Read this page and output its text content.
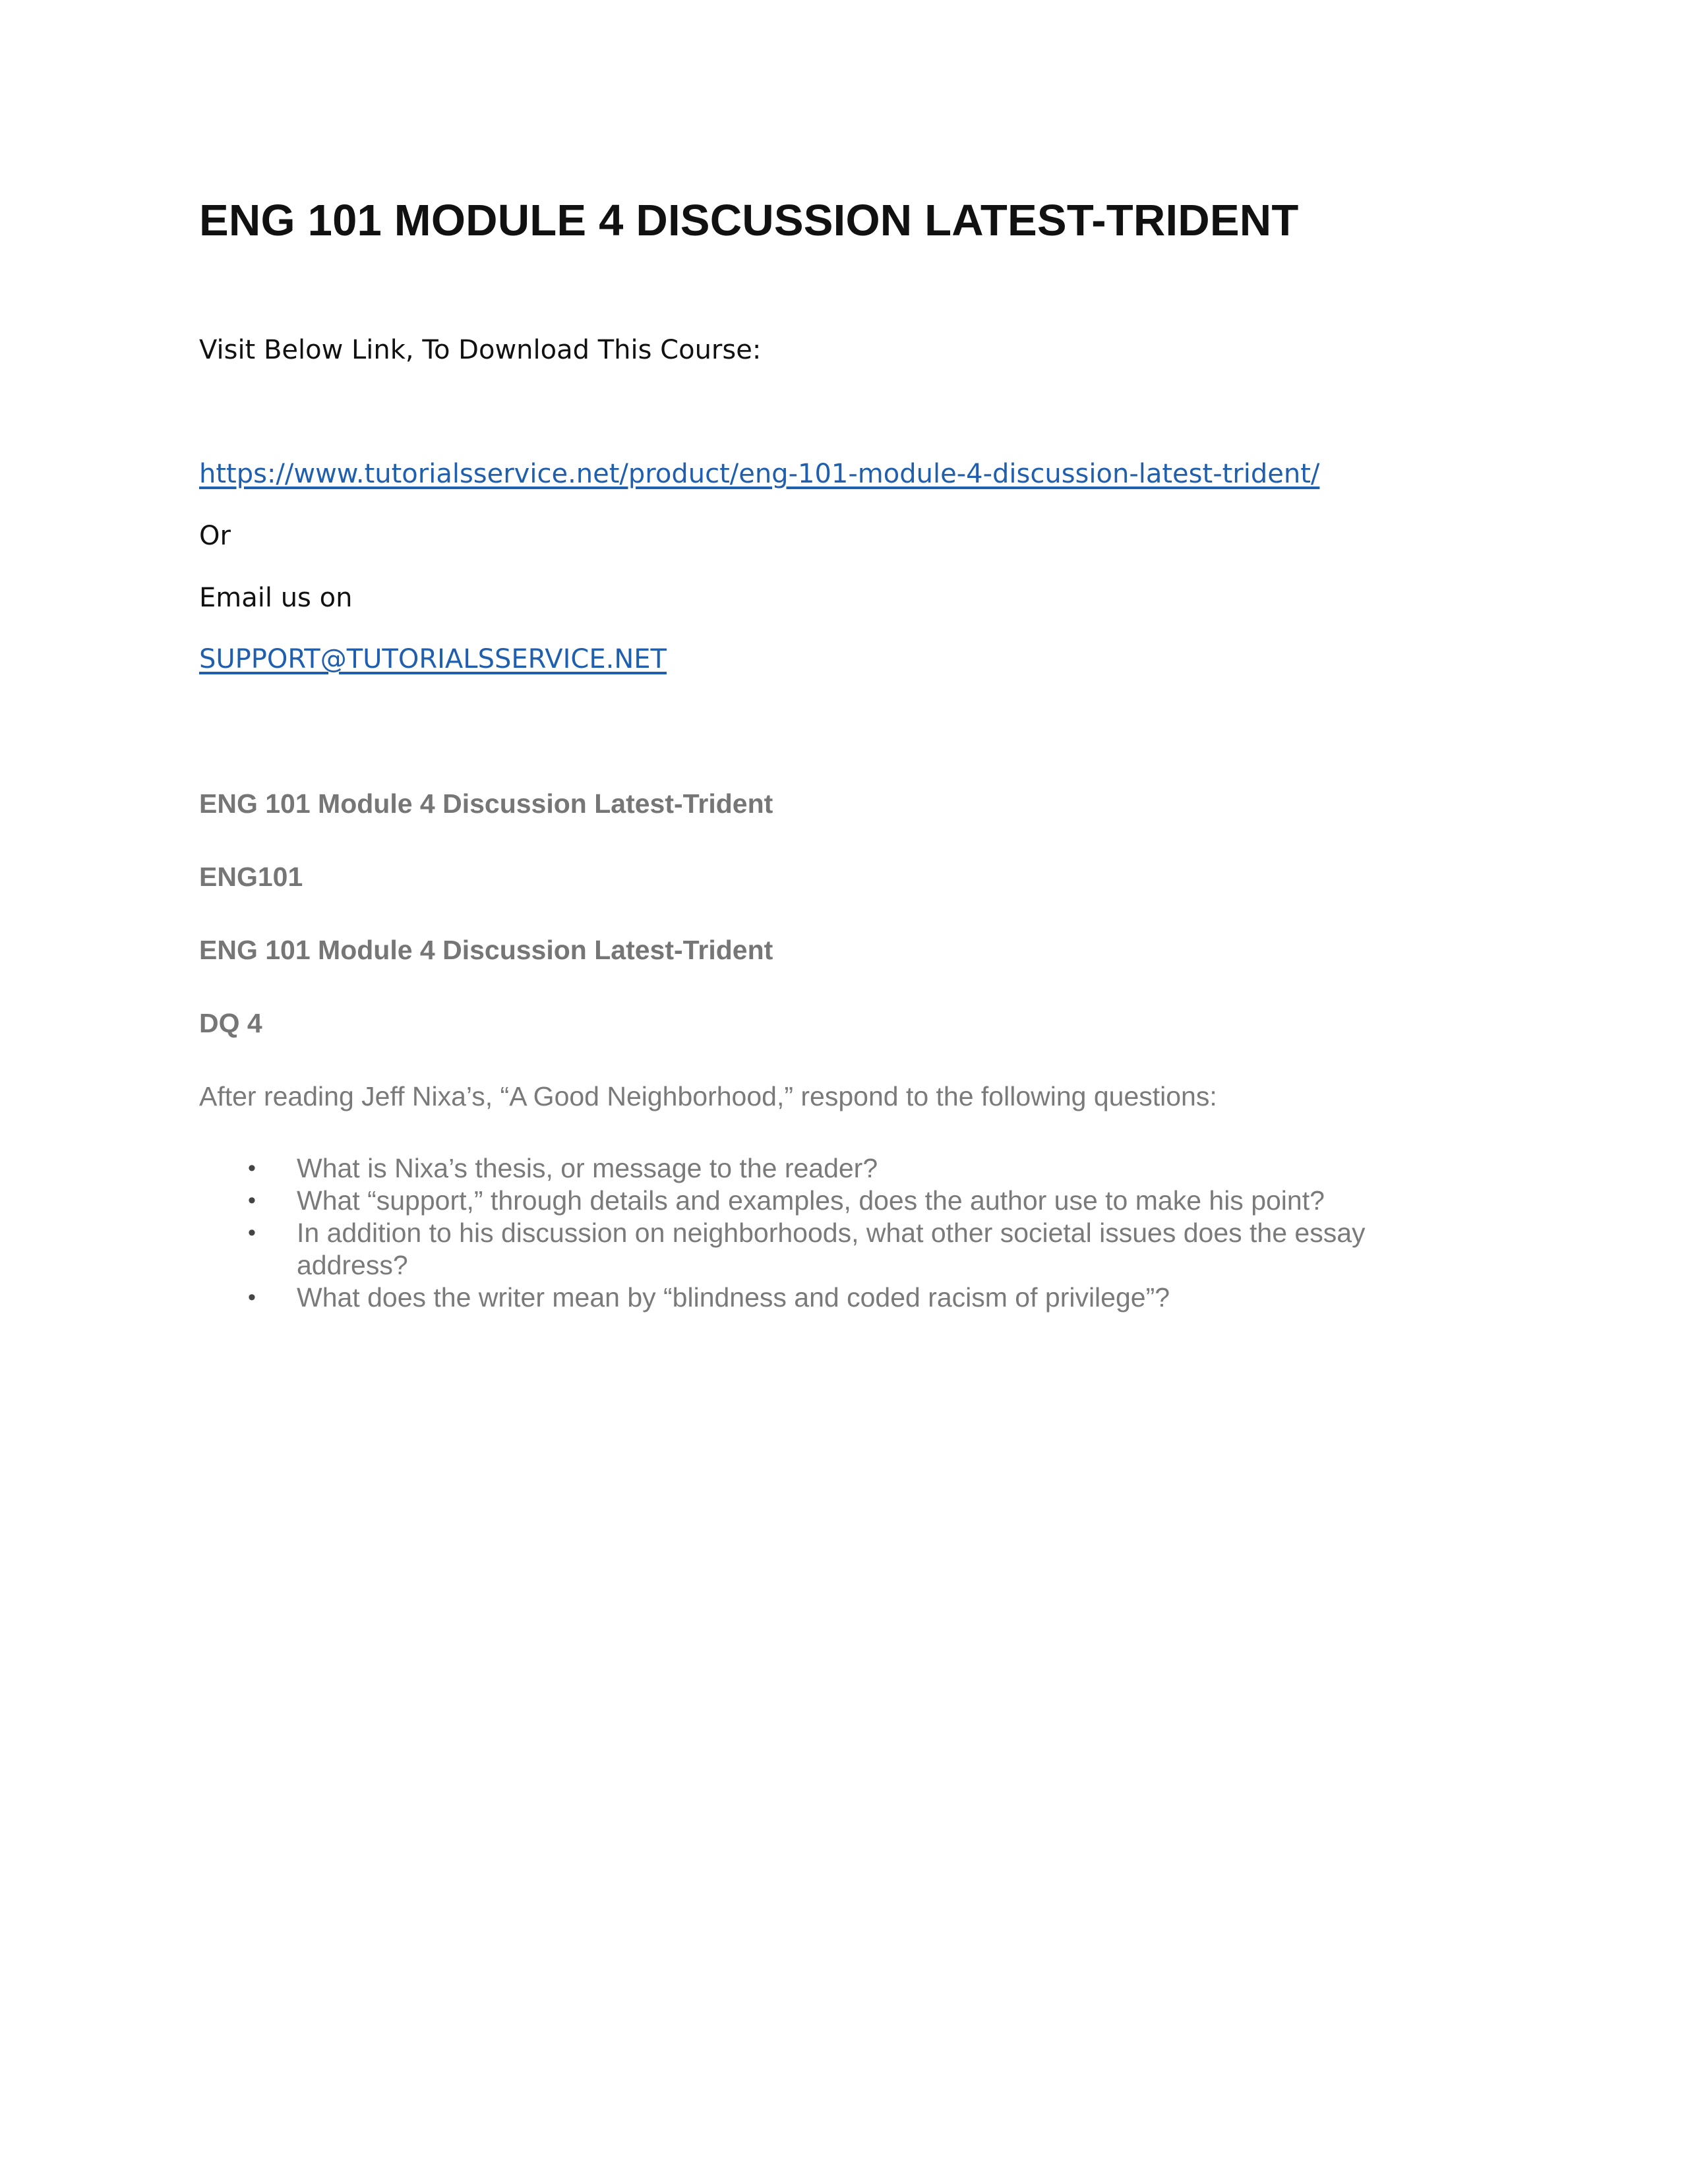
ENG 101 MODULE 4 DISCUSSION LATEST-TRIDENT
Visit Below Link, To Download This Course:
https://www.tutorialsservice.net/product/eng-101-module-4-discussion-latest-trident/
Or
Email us on
SUPPORT@TUTORIALSSERVICE.NET
ENG 101 Module 4 Discussion Latest-Trident
ENG101
ENG 101 Module 4 Discussion Latest-Trident
DQ 4
After reading Jeff Nixa’s, “A Good Neighborhood,” respond to the following questions:
•	What is Nixa’s thesis, or message to the reader?
•	What “support,” through details and examples, does the author use to make his point?
•	In addition to his discussion on neighborhoods, what other societal issues does the essay address?
•	What does the writer mean by “blindness and coded racism of privilege”?
